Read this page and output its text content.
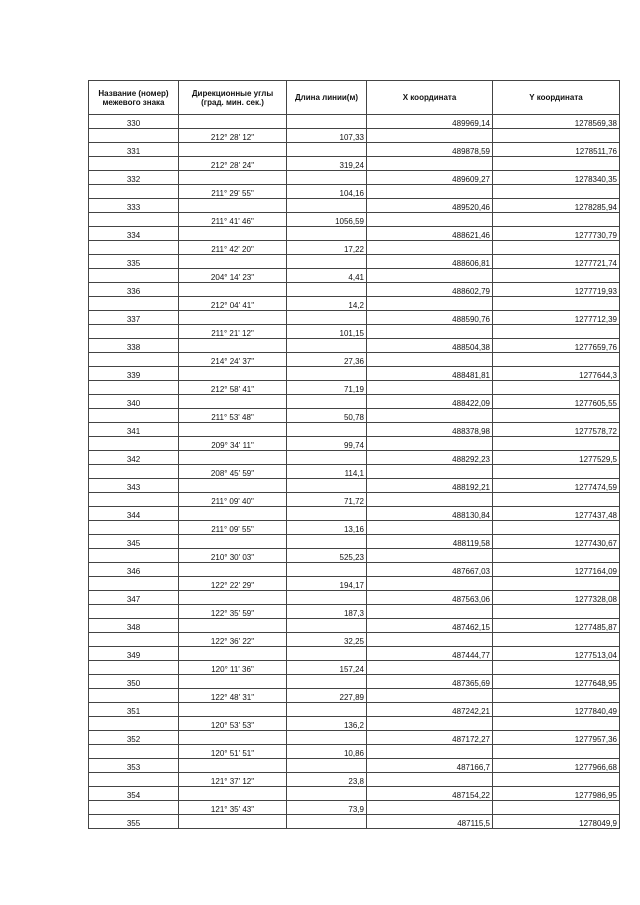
Название (номер) межевого знака	Дирекционные углы (град. мин. сек.)	Длина линии(м)	X координата	Y координата
330			489969,14	1278569,38
	212° 28' 12"	107,33		
331			489878,59	1278511,76
	212° 28' 24"	319,24		
332			489609,27	1278340,35
	211° 29' 55"	104,16		
333			489520,46	1278285,94
	211° 41' 46"	1056,59		
334			488621,46	1277730,79
	211° 42' 20"	17,22		
335			488606,81	1277721,74
	204° 14' 23"	4,41		
336			488602,79	1277719,93
	212° 04' 41"	14,2		
337			488590,76	1277712,39
	211° 21' 12"	101,15		
338			488504,38	1277659,76
	214° 24' 37"	27,36		
339			488481,81	1277644,3
	212° 58' 41"	71,19		
340			488422,09	1277605,55
	211° 53' 48"	50,78		
341			488378,98	1277578,72
	209° 34' 11"	99,74		
342			488292,23	1277529,5
	208° 45' 59"	114,1		
343			488192,21	1277474,59
	211° 09' 40"	71,72		
344			488130,84	1277437,48
	211° 09' 55"	13,16		
345			488119,58	1277430,67
	210° 30' 03"	525,23		
346			487667,03	1277164,09
	122° 22' 29"	194,17		
347			487563,06	1277328,08
	122° 35' 59"	187,3		
348			487462,15	1277485,87
	122° 36' 22"	32,25		
349			487444,77	1277513,04
	120° 11' 36"	157,24		
350			487365,69	1277648,95
	122° 48' 31"	227,89		
351			487242,21	1277840,49
	120° 53' 53"	136,2		
352			487172,27	1277957,36
	120° 51' 51"	10,86		
353			487166,7	1277966,68
	121° 37' 12"	23,8		
354			487154,22	1277986,95
	121° 35' 43"	73,9		
355			487115,5	1278049,9
